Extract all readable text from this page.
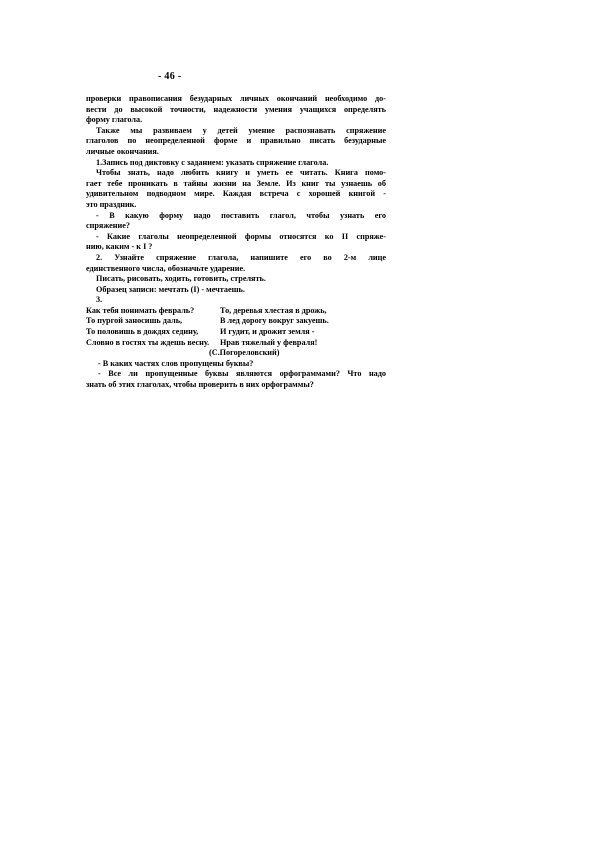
- 46 -
проверки правописания безударных личных окончаний необходимо до-
вести до высокой точности, надежности умения учащихся определять
форму глагола.
Также мы развиваем у детей умение распознавать спряжение
глаголов по неопределенной форме и правильно писать безударные
личные окончания.
1.Запись под диктовку с заданием: указать спряжение глагола.
Чтобы знать, надо любить книгу и уметь ее читать. Книга помо-
гает тебе проникать в тайны жизни на Земле. Из книг ты узнаешь об
удивительном подводном мире. Каждая встреча с хорошей книгой -
это праздник.
- В какую форму надо поставить глагол, чтобы узнать его
спряжение?
- Какие глаголы неопределенной формы относятся ко II спряже-
нию, каким - к I ?
2. Узнайте спряжение глагола, напишите его во 2-м лице
единственного числа, обозначьте ударение.
Писать, рисовать, ходить, готовить, стрелять.
Образец записи: мечтать (I) - мечтаешь.
3.
Как тебя понимать февраль?	То, деревья хлестая в дрожь,
То пургой заносишь даль,	В лед дорогу вокруг закуешь.
То половишь в дождях седину,	И гудит, и дрожит земля -
Словно в гостях ты ждешь весну.	Нрав тяжелый у февраля!
(С.Погореловский)
- В каких частях слов пропущены буквы?
- Все ли пропущенные буквы являются орфограммами? Что надо
знать об этих глаголах, чтобы проверить в них орфограммы?
